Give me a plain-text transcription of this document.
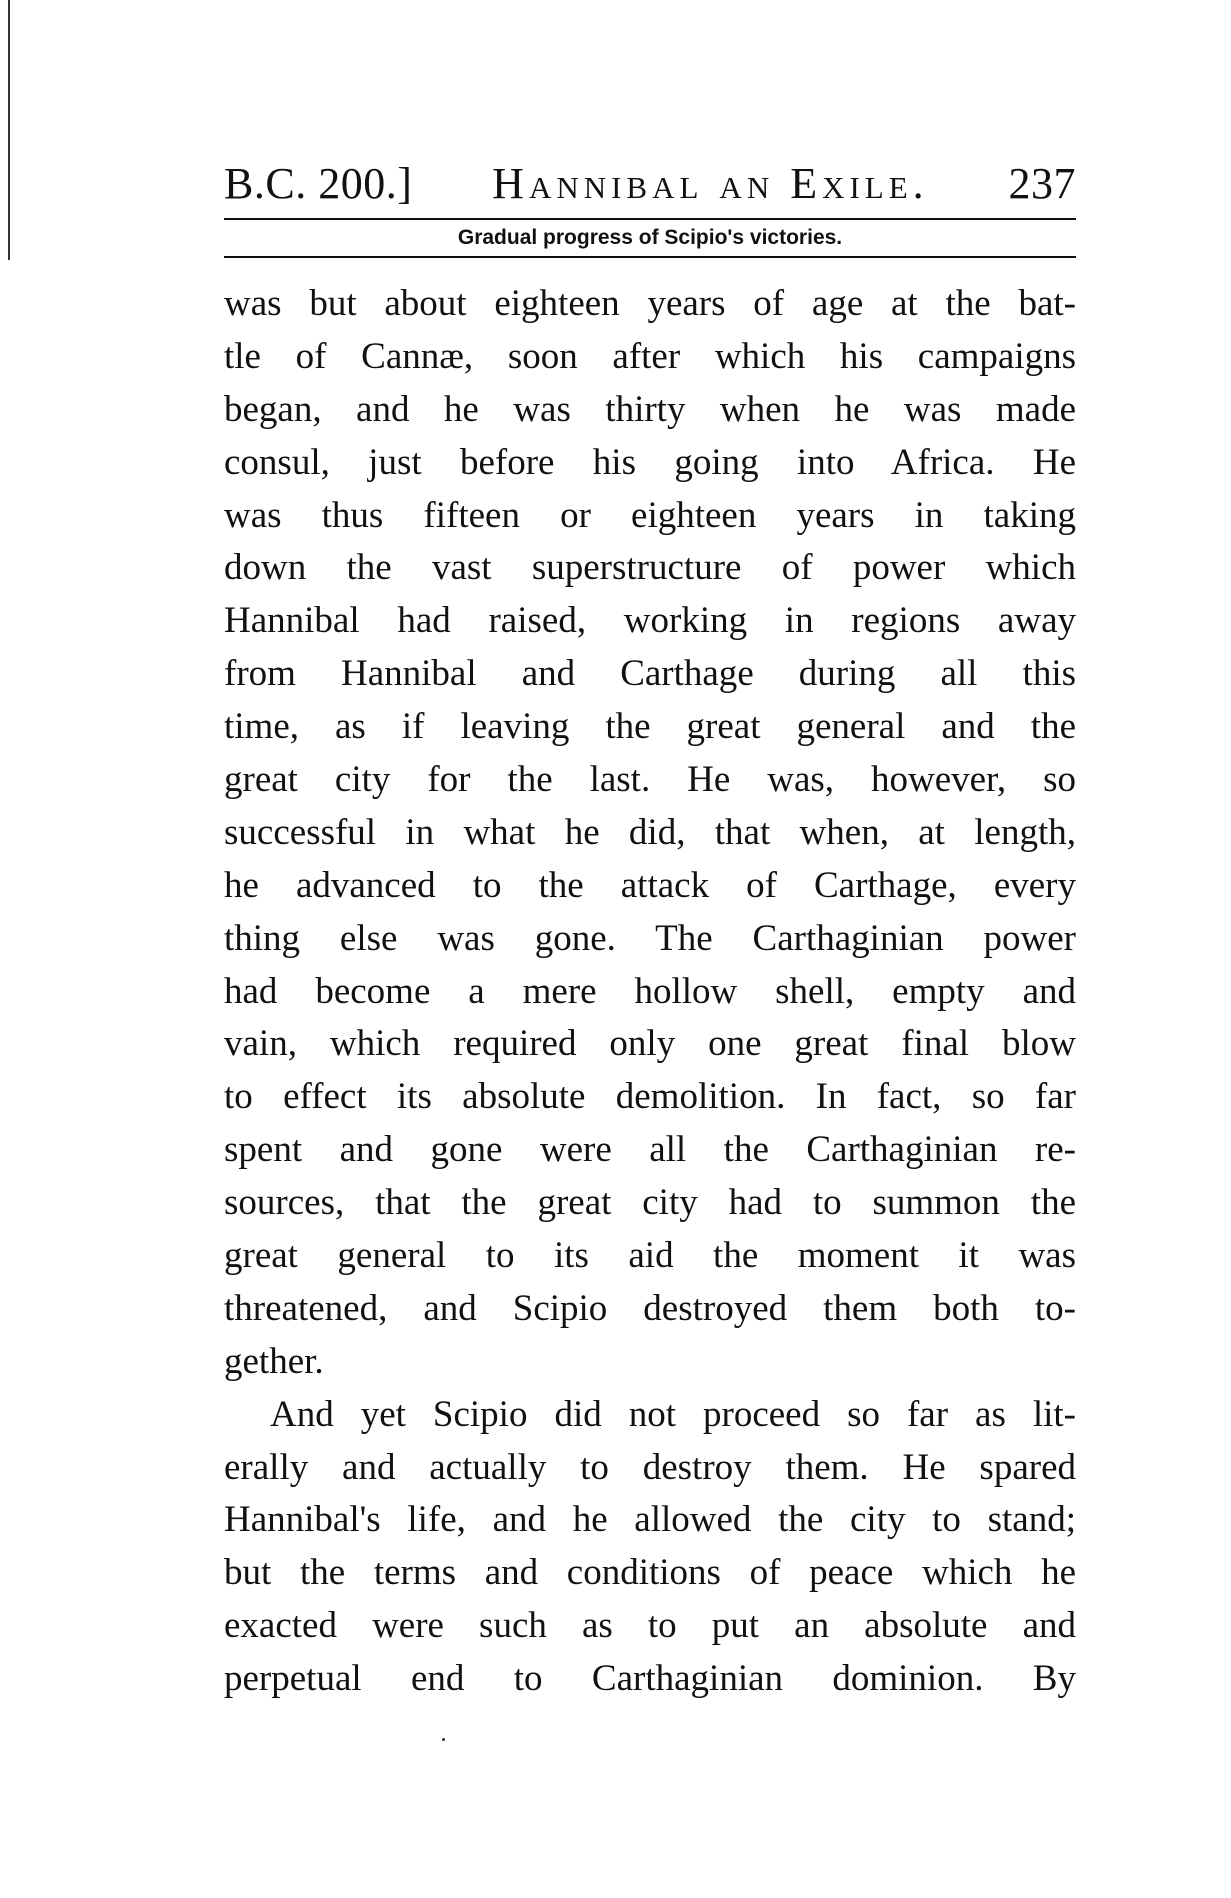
B.C. 200.] Hannibal an Exile. 237
Gradual progress of Scipio's victories.
was but about eighteen years of age at the bat-
tle of Cannæ, soon after which his campaigns
began, and he was thirty when he was made
consul, just before his going into Africa. He
was thus fifteen or eighteen years in taking
down the vast superstructure of power which
Hannibal had raised, working in regions away
from Hannibal and Carthage during all this
time, as if leaving the great general and the
great city for the last. He was, however, so
successful in what he did, that when, at length,
he advanced to the attack of Carthage, every
thing else was gone. The Carthaginian power
had become a mere hollow shell, empty and
vain, which required only one great final blow
to effect its absolute demolition. In fact, so far
spent and gone were all the Carthaginian re-
sources, that the great city had to summon the
great general to its aid the moment it was
threatened, and Scipio destroyed them both to-
gether.
And yet Scipio did not proceed so far as lit-
erally and actually to destroy them. He spared
Hannibal's life, and he allowed the city to stand;
but the terms and conditions of peace which he
exacted were such as to put an absolute and
perpetual end to Carthaginian dominion. By
